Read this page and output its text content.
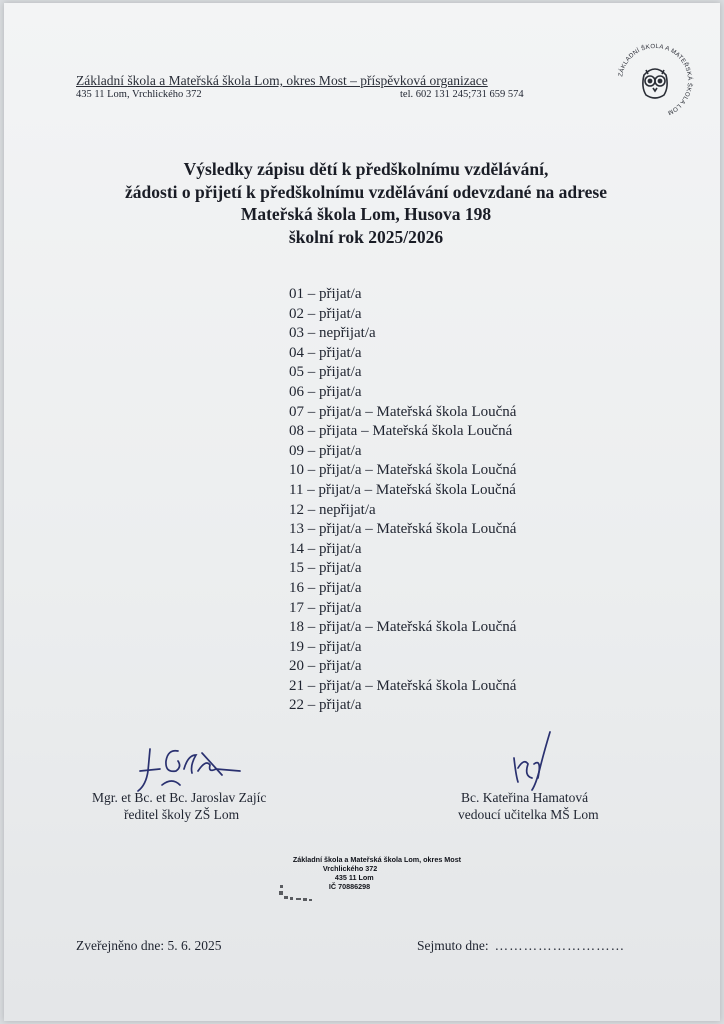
Základní škola a Mateřská škola Lom, okres Most – příspěvková organizace
435 11 Lom, Vrchlického 372	tel. 602 131 245;731 659 574
ZÁKLADNÍ ŠKOLA A MATEŘSKÁ ŠKOLA LOM
Výsledky zápisu dětí k předškolnímu vzdělávání,
žádosti o přijetí k předškolnímu vzdělávání odevzdané na adrese
Mateřská škola Lom, Husova 198
školní rok 2025/2026
01 – přijat/a
02 – přijat/a
03 – nepřijat/a
04 – přijat/a
05 – přijat/a
06 – přijat/a
07 – přijat/a – Mateřská škola Loučná
08 – přijata – Mateřská škola Loučná
09 – přijat/a
10 – přijat/a – Mateřská škola Loučná
11 – přijat/a – Mateřská škola Loučná
12 – nepřijat/a
13 – přijat/a – Mateřská škola Loučná
14 – přijat/a
15 – přijat/a
16 – přijat/a
17 – přijat/a
18 – přijat/a – Mateřská škola Loučná
19 – přijat/a
20 – přijat/a
21 – přijat/a – Mateřská škola Loučná
22 – přijat/a
Mgr. et Bc. et Bc. Jaroslav Zajíc
ředitel školy ZŠ Lom
Bc. Kateřina Hamatová
vedoucí učitelka MŠ Lom
Základní škola a Mateřská škola Lom, okres Most
Vrchlického 372
435 11 Lom
IČ 70886298
Zveřejněno dne: 5. 6. 2025	Sejmuto dne: ………………………
